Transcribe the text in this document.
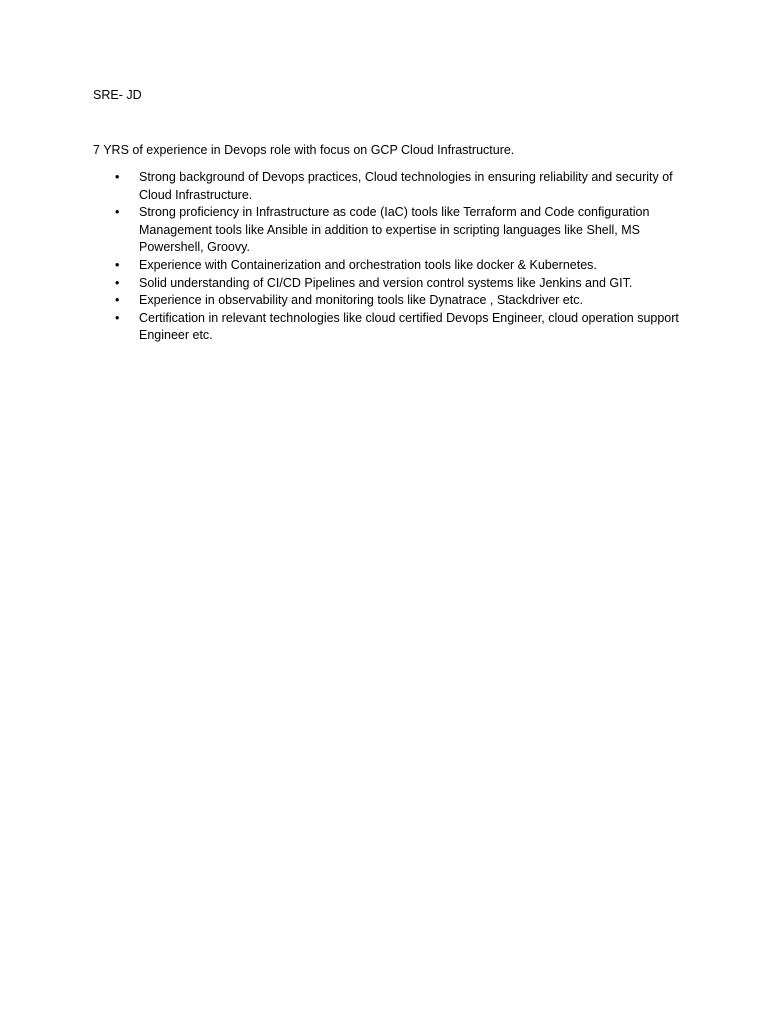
SRE- JD

7 YRS of experience in Devops role with focus on GCP Cloud Infrastructure.

•	Strong background of Devops practices, Cloud technologies in ensuring reliability and security of Cloud Infrastructure.
•	Strong proficiency in Infrastructure as code (IaC) tools like Terraform and Code configuration Management tools like Ansible in addition to expertise in scripting languages like Shell, MS Powershell, Groovy.
•	Experience with Containerization and orchestration tools like docker & Kubernetes.
•	Solid understanding of CI/CD Pipelines and version control systems like Jenkins and GIT.
•	Experience in observability and monitoring tools like Dynatrace , Stackdriver etc.
•	Certification in relevant technologies like cloud certified Devops Engineer, cloud operation support Engineer etc.
